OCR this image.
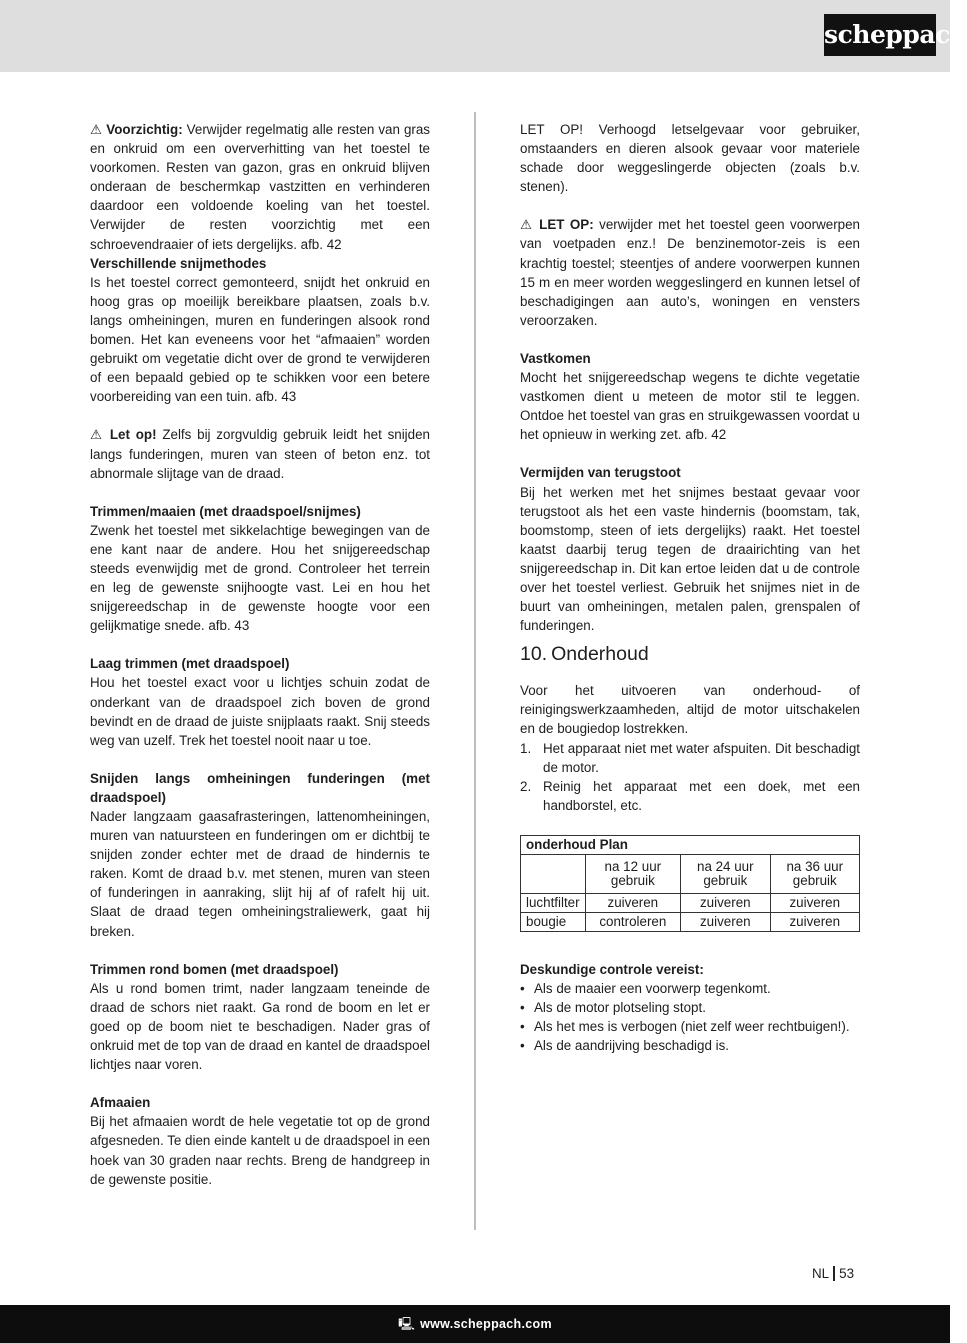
scheppach

⚠ Voorzichtig: Verwijder regelmatig alle resten van gras en onkruid om een oververhitting van het toestel te voorkomen. Resten van gazon, gras en onkruid blijven onderaan de beschermkap vastzitten en verhinderen daardoor een voldoende koeling van het toestel. Verwijder de resten voorzichtig met een schroevendraaier of iets dergelijks. afb. 42

Verschillende snijmethodes

Is het toestel correct gemonteerd, snijdt het onkruid en hoog gras op moeilijk bereikbare plaatsen, zoals b.v. langs omheiningen, muren en funderingen alsook rond bomen. Het kan eveneens voor het “afmaaien” worden gebruikt om vegetatie dicht over de grond te verwijderen of een bepaald gebied op te schikken voor een betere voorbereiding van een tuin. afb. 43

⚠ Let op! Zelfs bij zorgvuldig gebruik leidt het snijden langs funderingen, muren van steen of beton enz. tot abnormale slijtage van de draad.

Trimmen/maaien (met draadspoel/snijmes)

Zwenk het toestel met sikkelachtige bewegingen van de ene kant naar de andere. Hou het snijgereedschap steeds evenwijdig met de grond. Controleer het terrein en leg de gewenste snijhoogte vast. Lei en hou het snijgereedschap in de gewenste hoogte voor een gelijkmatige snede. afb. 43

Laag trimmen (met draadspoel)

Hou het toestel exact voor u lichtjes schuin zodat de onderkant van de draadspoel zich boven de grond bevindt en de draad de juiste snijplaats raakt. Snij steeds weg van uzelf. Trek het toestel nooit naar u toe.

Snijden langs omheiningen funderingen (met draadspoel)

Nader langzaam gaasafrasteringen, lattenomheiningen, muren van natuursteen en funderingen om er dichtbij te snijden zonder echter met de draad de hindernis te raken. Komt de draad b.v. met stenen, muren van steen of funderingen in aanraking, slijt hij af of rafelt hij uit. Slaat de draad tegen omheiningstraliewerk, gaat hij breken.

Trimmen rond bomen (met draadspoel)

Als u rond bomen trimt, nader langzaam teneinde de draad de schors niet raakt. Ga rond de boom en let er goed op de boom niet te beschadigen. Nader gras of onkruid met de top van de draad en kantel de draadspoel lichtjes naar voren.

Afmaaien

Bij het afmaaien wordt de hele vegetatie tot op de grond afgesneden. Te dien einde kantelt u de draadspoel in een hoek van 30 graden naar rechts. Breng de handgreep in de gewenste positie.

LET OP! Verhoogd letselgevaar voor gebruiker, omstaanders en dieren alsook gevaar voor materiele schade door weggeslingerde objecten (zoals b.v. stenen).

⚠ LET OP: verwijder met het toestel geen voorwerpen van voetpaden enz.! De benzinemotor-zeis is een krachtig toestel; steentjes of andere voorwerpen kunnen 15 m en meer worden weggeslingerd en kunnen letsel of beschadigingen aan auto’s, woningen en vensters veroorzaken.

Vastkomen

Mocht het snijgereedschap wegens te dichte vegetatie vastkomen dient u meteen de motor stil te leggen. Ontdoe het toestel van gras en struikgewassen voordat u het opnieuw in werking zet. afb. 42

Vermijden van terugstoot

Bij het werken met het snijmes bestaat gevaar voor terugstoot als het een vaste hindernis (boomstam, tak, boomstomp, steen of iets dergelijks) raakt. Het toestel kaatst daarbij terug tegen de draairichting van het snijgereedschap in. Dit kan ertoe leiden dat u de controle over het toestel verliest. Gebruik het snijmes niet in de buurt van omheiningen, metalen palen, grenspalen of funderingen.

10. Onderhoud

Voor het uitvoeren van onderhoud- of reinigingswerkzaamheden, altijd de motor uitschakelen en de bougiedop lostrekken.

1. Het apparaat niet met water afspuiten. Dit beschadigt de motor.
2. Reinig het apparaat met een doek, met een handborstel, etc.
onderhoud Plan			
	na 12 uur gebruik	na 24 uur gebruik	na 36 uur gebruik
luchtfilter	zuiveren	zuiveren	zuiveren
bougie	controleren	zuiveren	zuiveren

Deskundige controle vereist:

• Als de maaier een voorwerp tegenkomt.
• Als de motor plotseling stopt.
• Als het mes is verbogen (niet zelf weer rechtbuigen!).
• Als de aandrijving beschadigd is.
NL 53
🖳 www.scheppach.com
